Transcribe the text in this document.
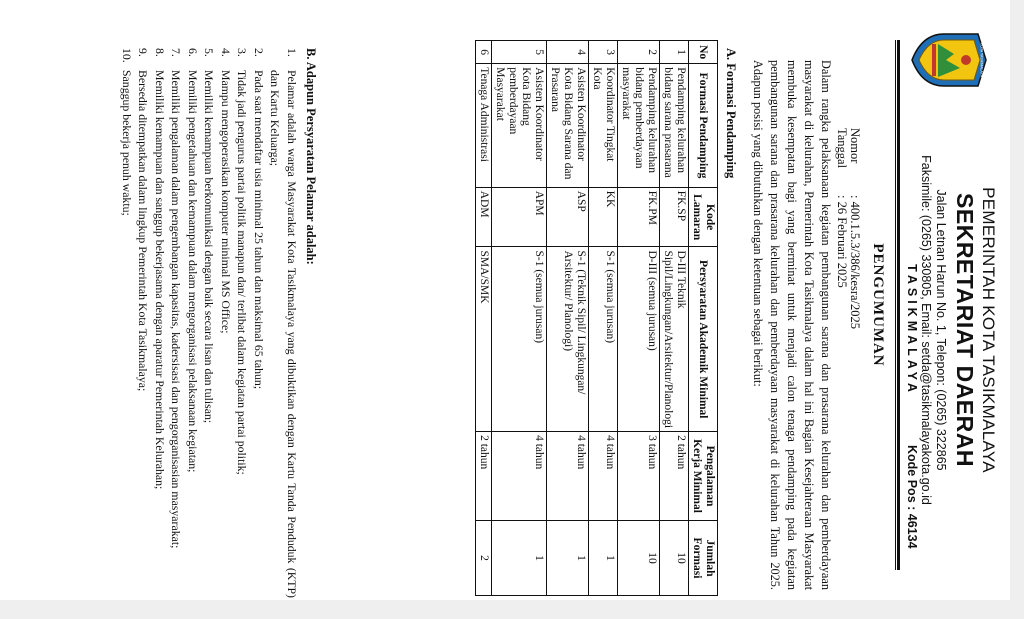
KOTA TASIKMALAYA
PEMERINTAH KOTA TASIKMALAYA
SEKRETARIAT DAERAH
Jalan Letnan Harun No. 1, Telepon: (0265) 322865
Faksimile: (0265) 330805, Email: setda@tasikmalayakota.go.id
TASIKMALAYA
Kode Pos : 46134
PENGUMUMAN
Nomor
: 400.1.5.3/386/kesra/2025
Tanggal
: 26 Februari 2025
Dalam rangka pelaksanaan kegiatan pembangunan sarana dan prasarana kelurahan dan pemberdayaan masyarakat di kelurahan, Pemerintah Kota Tasikmalaya dalam hal ini Bagian Kesejahteraan Masyarakat membuka kesempatan bagi yang berminat untuk menjadi calon tenaga pendamping pada kegiatan pembangunan sarana dan prasarana kelurahan dan pemberdayaan masyarakat di kelurahan Tahun 2025. Adapun posisi yang dibutuhkan dengan ketentuan sebagai berikut:
A. Formasi Pendamping
No	Formasi Pendamping	Kode Lamaran	Persyaratan Akademik Minimal	Pengalaman Kerja Minimal	Jumlah Formasi
1	Pendamping kelurahan bidang sarana prasarana	FK.SP	D-III Teknik Sipil/Lingkungan/Arsitektur/Planologi	2 tahun	10
2	Pendamping kelurahan bidang pemberdayaan masyarakat	FK.PM	D-III (semua jurusan)	3 tahun	10
3	Koordinator Tingkat Kota	KK	S-1 (semua jurusan)	4 tahun	1
4	Asisten Koordinator Kota Bidang Sarana dan Prasarana	ASP	S-1 (Teknik Sipil/ Lingkungan/ Arsitektur/ Planologi)	4 tahun	1
5	Asisten Koordinator Kota Bidang pemberdayaan Masyarakat	APM	S-1 (semua jurusan)	4 tahun	1
6	Tenaga Administrasi	ADM	SMA/SMK	2 tahun	2
B. Adapun Persyaratan Pelamar adalah:
1.
Pelamar adalah warga Masyarakat Kota Tasikmalaya yang dibuktikan dengan Kartu Tanda Penduduk (KTP) dan Kartu Keluarga;
2.
Pada saat mendaftar usia minimal 25 tahun dan maksimal 65 tahun;
3.
Tidak jadi pengurus partai politik manapun dan/ terlibat dalam kegiatan partai politik;
4.
Mampu mengoperasikan komputer minimal MS Office;
5.
Memiliki kemampuan berkomunikasi dengan baik secara lisan dan tulisan;
6.
Memiliki pengetahuan dan kemampuan dalam mengorganisasi pelaksanaan kegiatan;
7.
Memiliki pengalaman dalam pengembangan kapasitas, kadersisasi dan pengorganisasian masyarakat;
8.
Memiliki kemampuan dan sanggup bekerjasama dengan aparatur Pemerintah Kelurahan;
9.
Bersedia ditempatkan dalam lingkup Pemerintah Kota Tasikmalaya;
10.
Sanggup bekerja penuh waktu;
